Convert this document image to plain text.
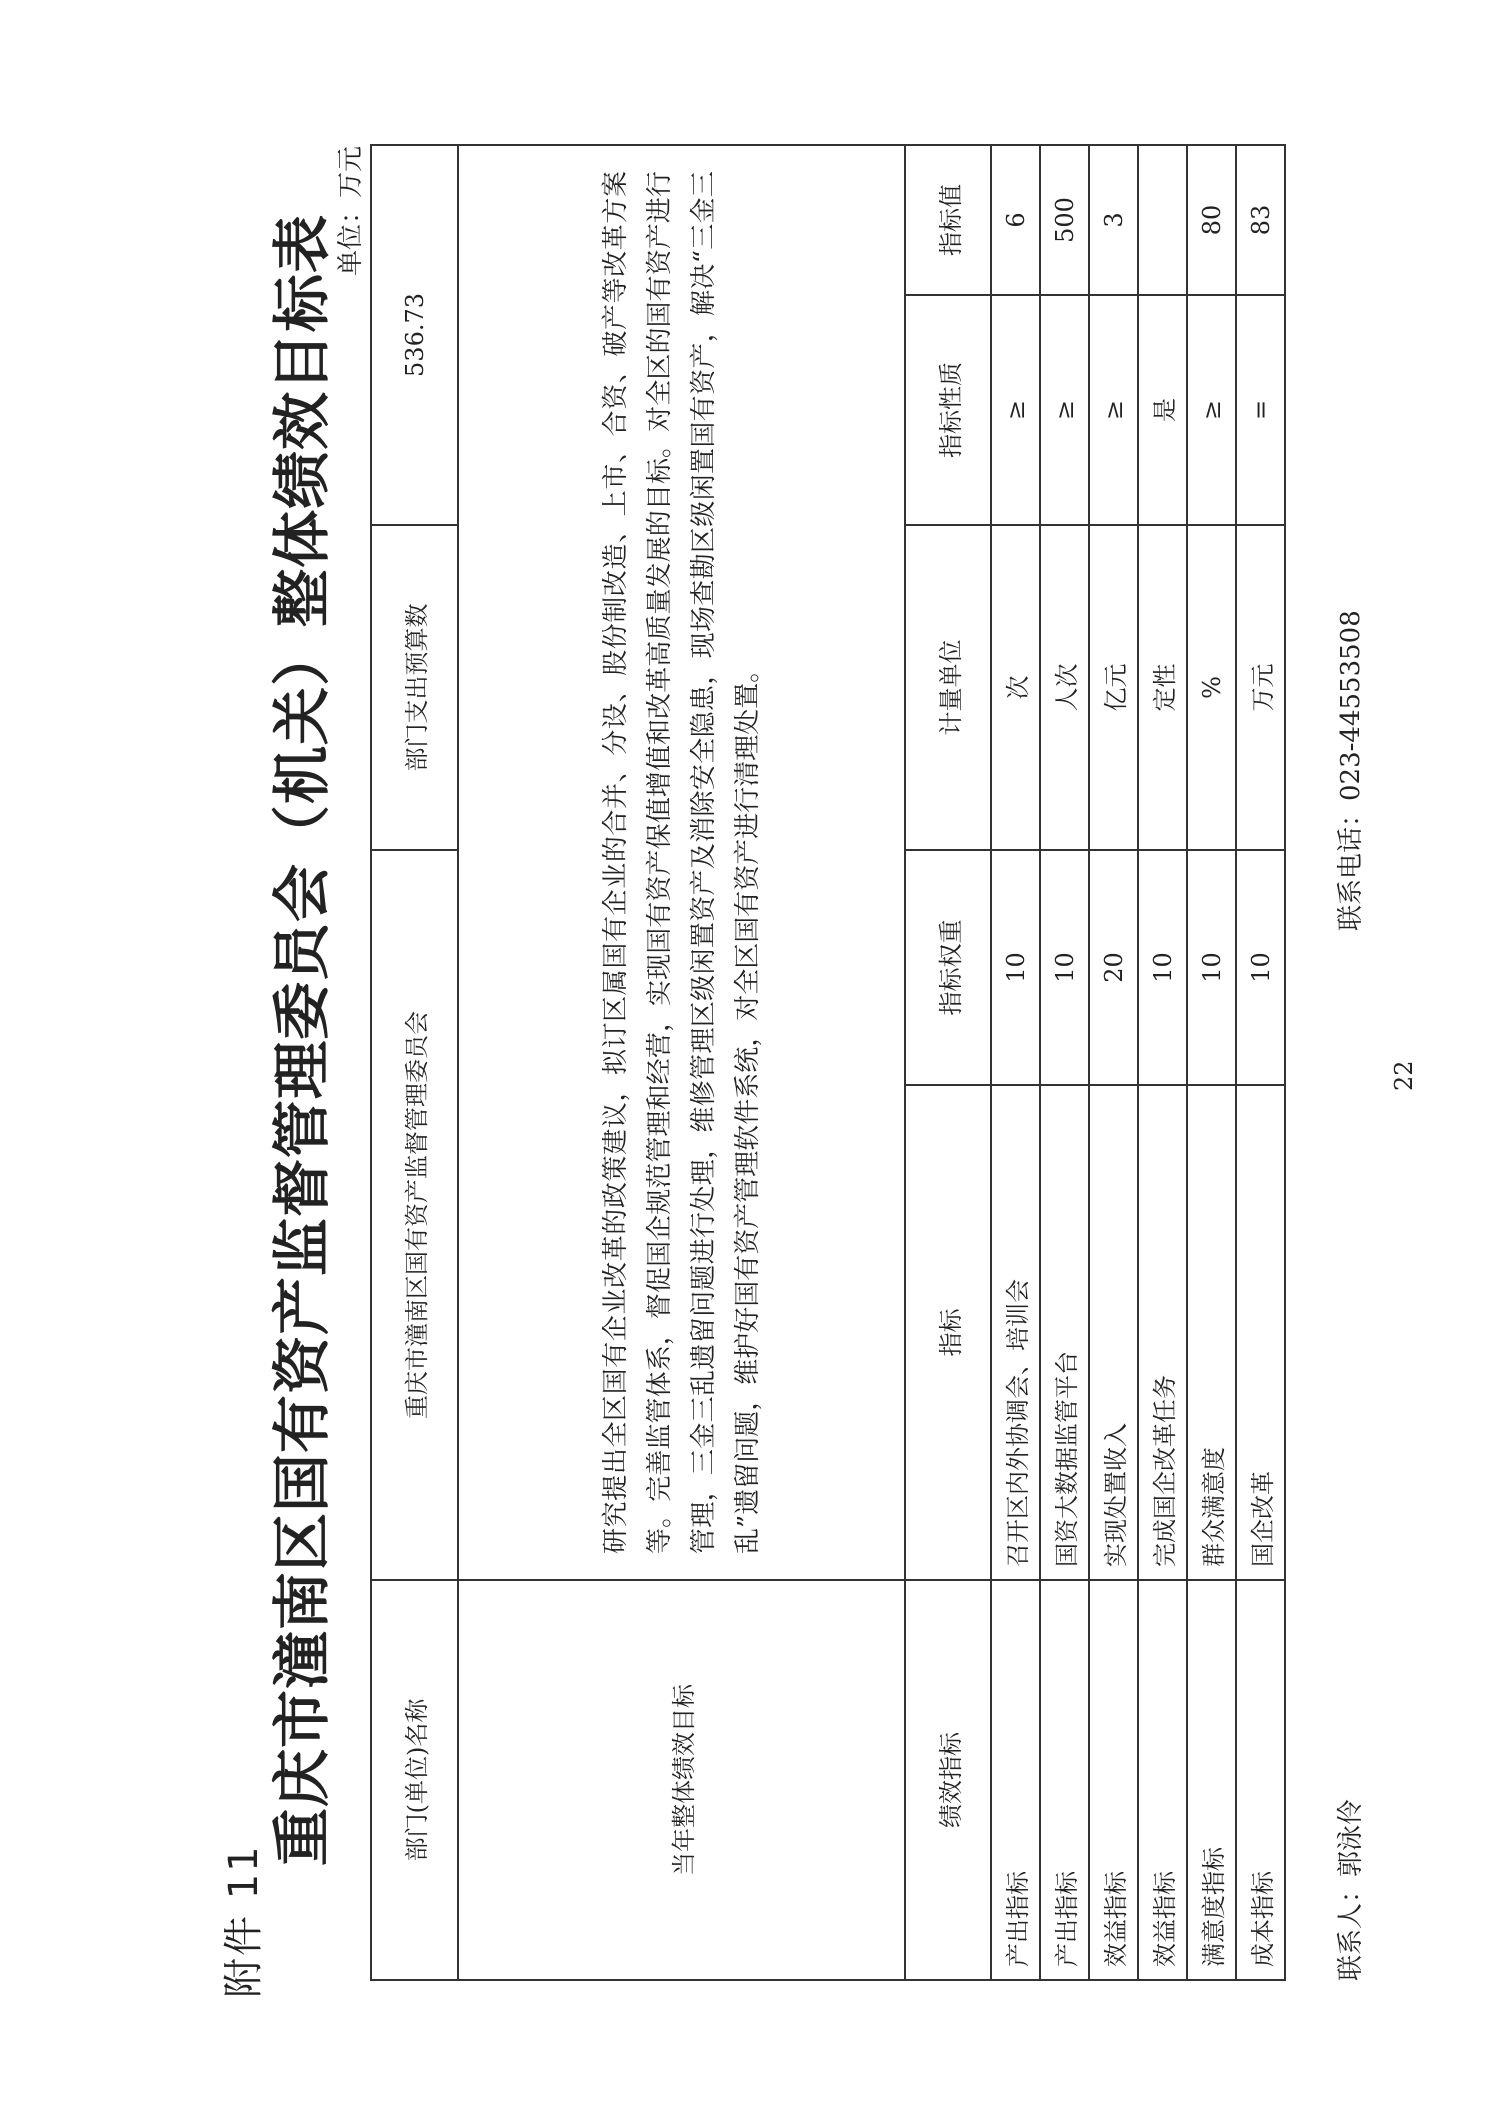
附件 11
重庆市潼南区国有资产监督管理委员会（机关）整体绩效目标表
单位：万元
部门(单位)名称	重庆市潼南区国有资产监督管理委员会		部门支出预算数	536.73	
当年整体绩效目标	研究提出全区国有企业改革的政策建议，拟订区属国有企业的合并、分设、股份制改造、上市、合资、破产等改革方案等。完善监管体系，督促国企规范管理和经营，实现国有资产保值增值和改革高质量发展的目标。对全区的国有资产进行管理，三金三乱遗留问题进行处理，维修管理区级闲置资产及消除安全隐患，现场查勘区级闲置国有资产，解决“三金三乱”遗留问题，维护好国有资产管理软件系统，对全区国有资产进行清理处置。				
绩效指标	指标	指标权重	计量单位	指标性质	指标值
产出指标	召开区内外协调会、培训会	10	次	≥	6
产出指标	国资大数据监管平台	10	人次	≥	500
效益指标	实现处置收入	20	亿元	≥	3
效益指标	完成国企改革任务	10	定性	是	
满意度指标	群众满意度	10	%	≥	80
成本指标	国企改革	10	万元	=	83
联系人：郭泳伶
联系电话：023-44553508
22
